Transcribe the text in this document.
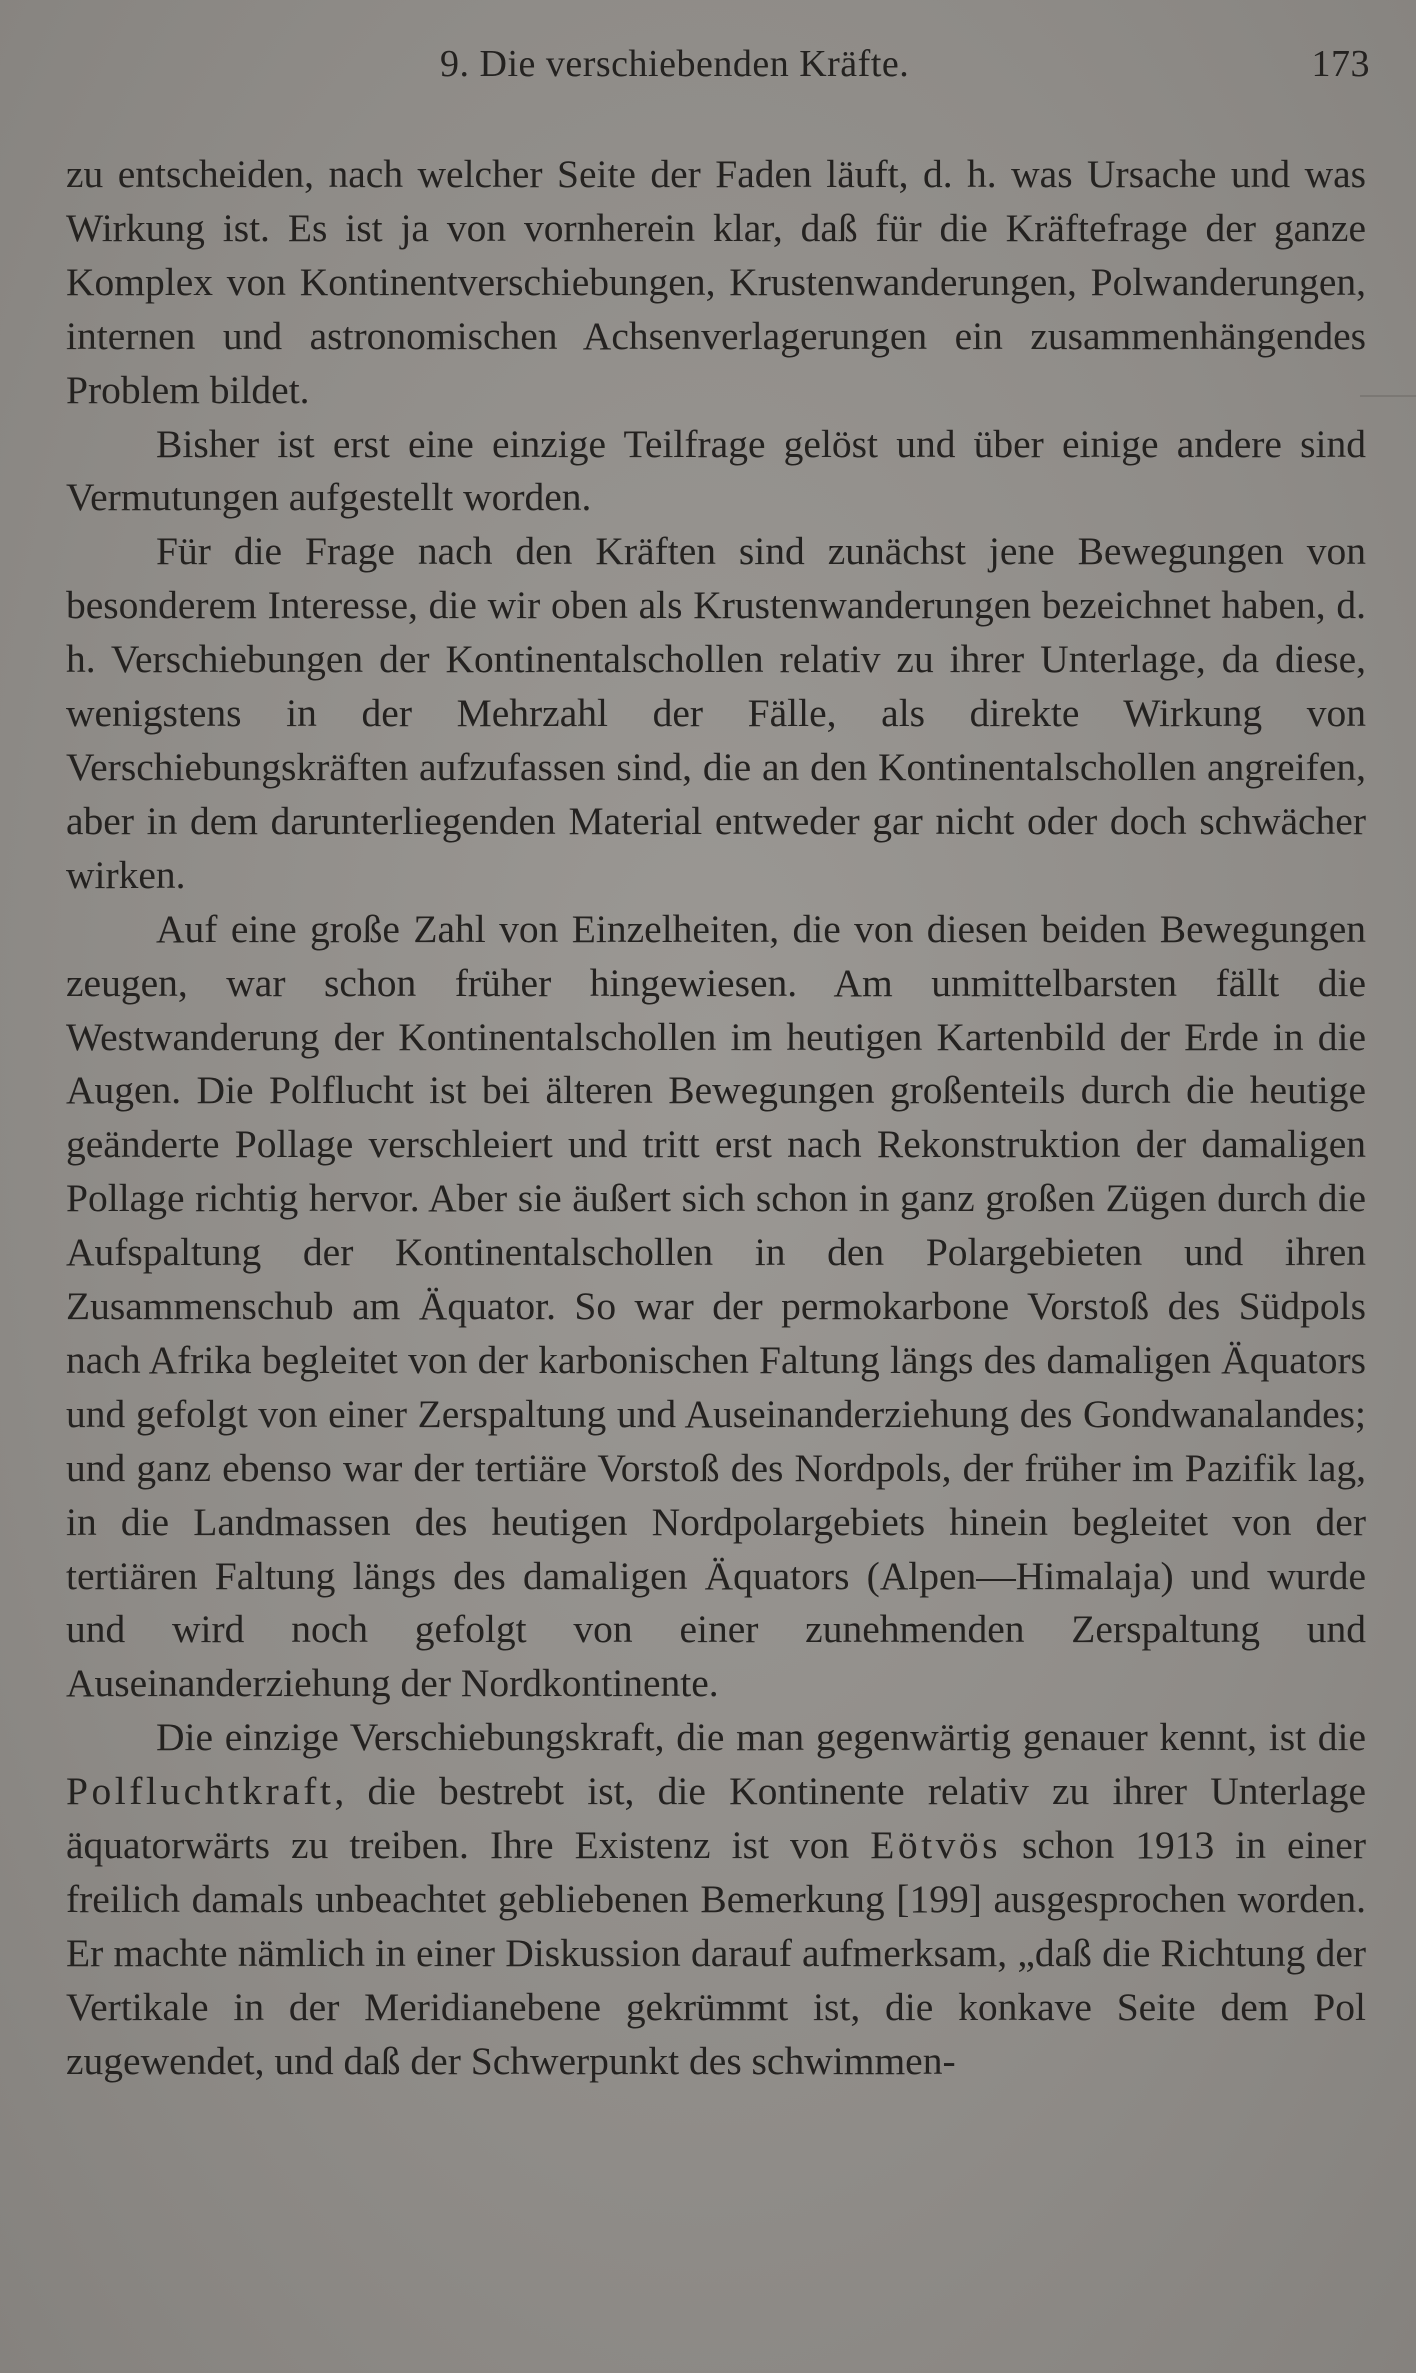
9. Die verschiebenden Kräfte.	173

zu entscheiden, nach welcher Seite der Faden läuft, d. h. was Ursache und was Wirkung ist. Es ist ja von vornherein klar, daß für die Kräftefrage der ganze Komplex von Kontinentverschiebungen, Krustenwanderungen, Polwanderungen, internen und astronomischen Achsenverlagerungen ein zusammenhängendes Problem bildet.

Bisher ist erst eine einzige Teilfrage gelöst und über einige andere sind Vermutungen aufgestellt worden.

Für die Frage nach den Kräften sind zunächst jene Bewegungen von besonderem Interesse, die wir oben als Krustenwanderungen bezeichnet haben, d. h. Verschiebungen der Kontinentalschollen relativ zu ihrer Unterlage, da diese, wenigstens in der Mehrzahl der Fälle, als direkte Wirkung von Verschiebungskräften aufzufassen sind, die an den Kontinentalschollen angreifen, aber in dem darunterliegenden Material entweder gar nicht oder doch schwächer wirken.

Auf eine große Zahl von Einzelheiten, die von diesen beiden Bewegungen zeugen, war schon früher hingewiesen. Am unmittelbarsten fällt die Westwanderung der Kontinentalschollen im heutigen Kartenbild der Erde in die Augen. Die Polflucht ist bei älteren Bewegungen großenteils durch die heutige geänderte Pollage verschleiert und tritt erst nach Rekonstruktion der damaligen Pollage richtig hervor. Aber sie äußert sich schon in ganz großen Zügen durch die Aufspaltung der Kontinentalschollen in den Polargebieten und ihren Zusammenschub am Äquator. So war der permokarbone Vorstoß des Südpols nach Afrika begleitet von der karbonischen Faltung längs des damaligen Äquators und gefolgt von einer Zerspaltung und Auseinanderziehung des Gondwanalandes; und ganz ebenso war der tertiäre Vorstoß des Nordpols, der früher im Pazifik lag, in die Landmassen des heutigen Nordpolargebiets hinein begleitet von der tertiären Faltung längs des damaligen Äquators (Alpen—Himalaja) und wurde und wird noch gefolgt von einer zunehmenden Zerspaltung und Auseinanderziehung der Nordkontinente.

Die einzige Verschiebungskraft, die man gegenwärtig genauer kennt, ist die Polfluchtkraft, die bestrebt ist, die Kontinente relativ zu ihrer Unterlage äquatorwärts zu treiben. Ihre Existenz ist von Eötvös schon 1913 in einer freilich damals unbeachtet gebliebenen Bemerkung [199] ausgesprochen worden. Er machte nämlich in einer Diskussion darauf aufmerksam, „daß die Richtung der Vertikale in der Meridianebene gekrümmt ist, die konkave Seite dem Pol zugewendet, und daß der Schwerpunkt des schwimmen-
